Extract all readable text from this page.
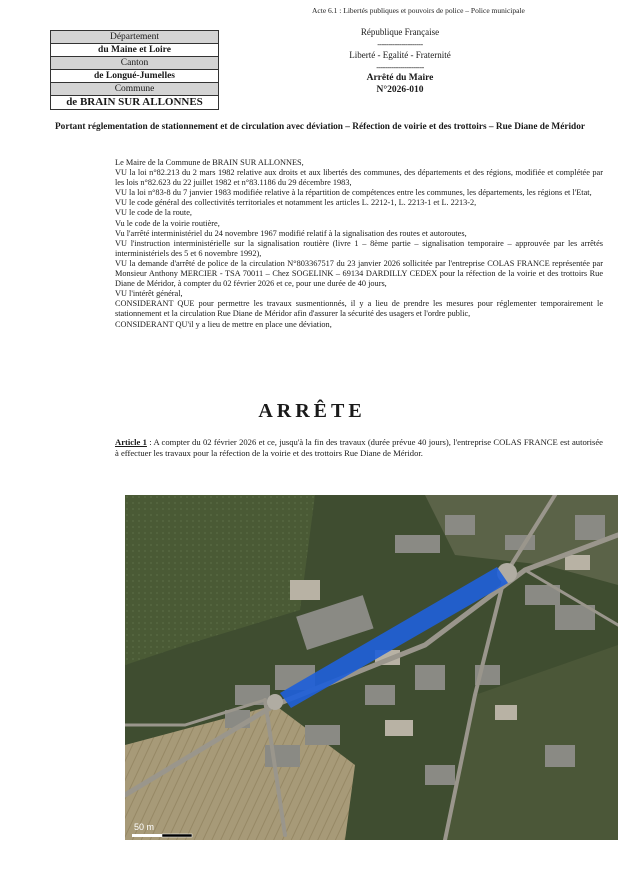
Acte 6.1 : Libertés publiques et pouvoirs de police – Police municipale
Département
du Maine et Loire
Canton
de Longué-Jumelles
Commune
de BRAIN SUR ALLONNES
République Française
---------------------
Liberté - Egalité - Fraternité
----------------------
Arrêté du Maire
N°2026-010
Portant réglementation de stationnement et de circulation avec déviation – Réfection de voirie et des trottoirs – Rue Diane de Méridor

Le Maire de la Commune de BRAIN SUR ALLONNES,

VU la loi n°82.213 du 2 mars 1982 relative aux droits et aux libertés des communes, des départements et des régions, modifiée et complétée par les lois n°82.623 du 22 juillet 1982 et n°83.1186 du 29 décembre 1983,

VU la loi n°83-8 du 7 janvier 1983 modifiée relative à la répartition de compétences entre les communes, les départements, les régions et l'Etat,

VU le code général des collectivités territoriales et notamment les articles L. 2212-1, L. 2213-1 et L. 2213-2,

VU le code de la route,

Vu le code de la voirie routière,

Vu l'arrêté interministériel du 24 novembre 1967 modifié relatif à la signalisation des routes et autoroutes,

VU l'instruction interministérielle sur la signalisation routière (livre 1 – 8ème partie – signalisation temporaire – approuvée par les arrêtés interministériels des 5 et 6 novembre 1992),

VU la demande d'arrêté de police de la circulation N°803367517 du 23 janvier 2026 sollicitée par l'entreprise COLAS FRANCE représentée par Monsieur Anthony MERCIER - TSA 70011 – Chez SOGELINK – 69134 DARDILLY CEDEX pour la réfection de la voirie et des trottoirs Rue Diane de Méridor, à compter du 02 février 2026 et ce, pour une durée de 40 jours,

VU l'intérêt général,

CONSIDERANT QUE pour permettre les travaux susmentionnés, il y a lieu de prendre les mesures pour réglementer temporairement le stationnement et la circulation Rue Diane de Méridor afin d'assurer la sécurité des usagers et l'ordre public,

CONSIDERANT QU'il y a lieu de mettre en place une déviation,

ARRÊTE
Article 1 : A compter du 02 février 2026 et ce, jusqu'à la fin des travaux (durée prévue 40 jours), l'entreprise COLAS FRANCE est autorisée à effectuer les travaux pour la réfection de la voirie et des trottoirs Rue Diane de Méridor.
50 m
